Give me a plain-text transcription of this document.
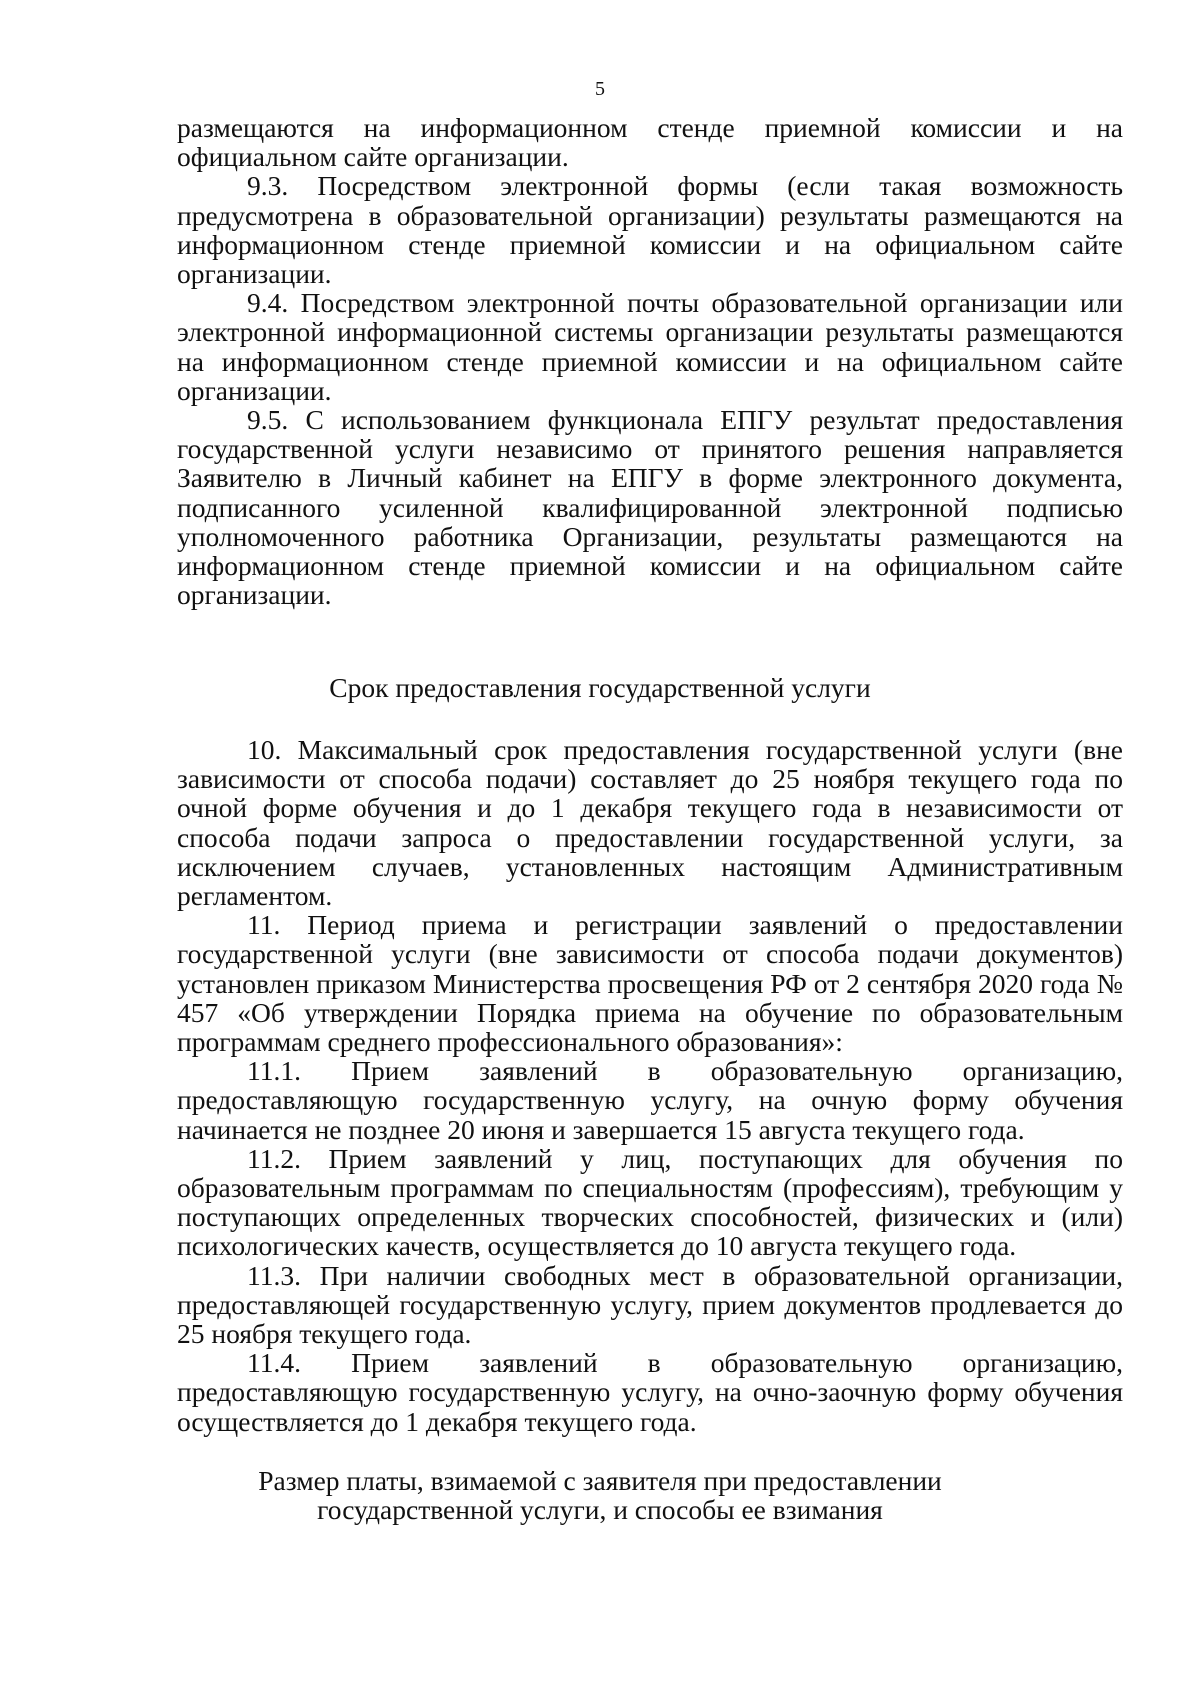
5

размещаются на информационном стенде приемной комиссии и на официальном сайте организации.

9.3. Посредством электронной формы (если такая возможность предусмотрена в образовательной организации) результаты размещаются на информационном стенде приемной комиссии и на официальном сайте организации.

9.4. Посредством электронной почты образовательной организации или электронной информационной системы организации результаты размещаются на информационном стенде приемной комиссии и на официальном сайте организации.

9.5. С использованием функционала ЕПГУ результат предоставления государственной услуги независимо от принятого решения направляется Заявителю в Личный кабинет на ЕПГУ в форме электронного документа, подписанного усиленной квалифицированной электронной подписью уполномоченного работника Организации, результаты размещаются на информационном стенде приемной комиссии и на официальном сайте организации.

Срок предоставления государственной услуги

10. Максимальный срок предоставления государственной услуги (вне зависимости от способа подачи) составляет до 25 ноября текущего года по очной форме обучения и до 1 декабря текущего года в независимости от способа подачи запроса о предоставлении государственной услуги, за исключением случаев, установленных настоящим Административным регламентом.

11. Период приема и регистрации заявлений о предоставлении государственной услуги (вне зависимости от способа подачи документов) установлен приказом Министерства просвещения РФ от 2 сентября 2020 года № 457 «Об утверждении Порядка приема на обучение по образовательным программам среднего профессионального образования»:

11.1. Прием заявлений в образовательную организацию, предоставляющую государственную услугу, на очную форму обучения начинается не позднее 20 июня и завершается 15 августа текущего года.

11.2. Прием заявлений у лиц, поступающих для обучения по образовательным программам по специальностям (профессиям), требующим у поступающих определенных творческих способностей, физических и (или) психологических качеств, осуществляется до 10 августа текущего года.

11.3. При наличии свободных мест в образовательной организации, предоставляющей государственную услугу, прием документов продлевается до 25 ноября текущего года.

11.4. Прием заявлений в образовательную организацию, предоставляющую государственную услугу, на очно-заочную форму обучения осуществляется до 1 декабря текущего года.

Размер платы, взимаемой с заявителя при предоставлении
государственной услуги, и способы ее взимания
